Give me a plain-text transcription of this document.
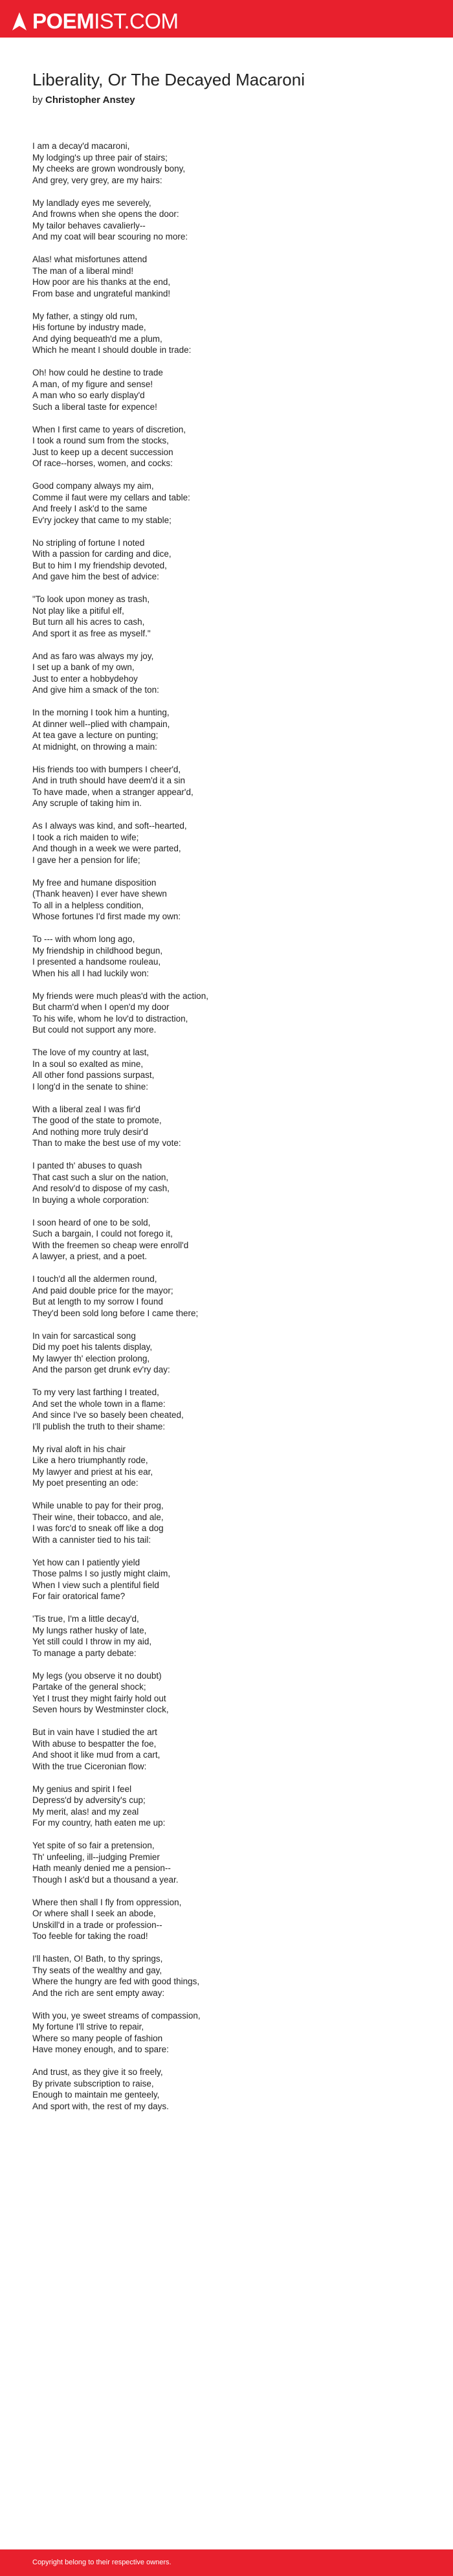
POEM IST.COM
Liberality, Or The Decayed Macaroni
by Christopher Anstey
I am a decay'd macaroni,
My lodging's up three pair of stairs;
My cheeks are grown wondrously bony,
And grey, very grey, are my hairs:
My landlady eyes me severely,
And frowns when she opens the door:
My tailor behaves cavalierly--
And my coat will bear scouring no more:
Alas! what misfortunes attend
The man of a liberal mind!
How poor are his thanks at the end,
From base and ungrateful mankind!
My father, a stingy old rum,
His fortune by industry made,
And dying bequeath'd me a plum,
Which he meant I should double in trade:
Oh! how could he destine to trade
A man, of my figure and sense!
A man who so early display'd
Such a liberal taste for expence!
When I first came to years of discretion,
I took a round sum from the stocks,
Just to keep up a decent succession
Of race--horses, women, and cocks:
Good company always my aim,
Comme il faut were my cellars and table:
And freely I ask'd to the same
Ev'ry jockey that came to my stable;
No stripling of fortune I noted
With a passion for carding and dice,
But to him I my friendship devoted,
And gave him the best of advice:
"To look upon money as trash,
Not play like a pitiful elf,
But turn all his acres to cash,
And sport it as free as myself."
And as faro was always my joy,
I set up a bank of my own,
Just to enter a hobbydehoy
And give him a smack of the ton:
In the morning I took him a hunting,
At dinner well--plied with champain,
At tea gave a lecture on punting;
At midnight, on throwing a main:
His friends too with bumpers I cheer'd,
And in truth should have deem'd it a sin
To have made, when a stranger appear'd,
Any scruple of taking him in.
As I always was kind, and soft--hearted,
I took a rich maiden to wife;
And though in a week we were parted,
I gave her a pension for life;
My free and humane disposition
(Thank heaven) I ever have shewn
To all in a helpless condition,
Whose fortunes I'd first made my own:
To --- with whom long ago,
My friendship in childhood begun,
I presented a handsome rouleau,
When his all I had luckily won:
My friends were much pleas'd with the action,
But charm'd when I open'd my door
To his wife, whom he lov'd to distraction,
But could not support any more.
The love of my country at last,
In a soul so exalted as mine,
All other fond passions surpast,
I long'd in the senate to shine:
With a liberal zeal I was fir'd
The good of the state to promote,
And nothing more truly desir'd
Than to make the best use of my vote:
I panted th' abuses to quash
That cast such a slur on the nation,
And resolv'd to dispose of my cash,
In buying a whole corporation:
I soon heard of one to be sold,
Such a bargain, I could not forego it,
With the freemen so cheap were enroll'd
A lawyer, a priest, and a poet.
I touch'd all the aldermen round,
And paid double price for the mayor;
But at length to my sorrow I found
They'd been sold long before I came there;
In vain for sarcastical song
Did my poet his talents display,
My lawyer th' election prolong,
And the parson get drunk ev'ry day:
To my very last farthing I treated,
And set the whole town in a flame:
And since I've so basely been cheated,
I'll publish the truth to their shame:
My rival aloft in his chair
Like a hero triumphantly rode,
My lawyer and priest at his ear,
My poet presenting an ode:
While unable to pay for their prog,
Their wine, their tobacco, and ale,
I was forc'd to sneak off like a dog
With a cannister tied to his tail:
Yet how can I patiently yield
Those palms I so justly might claim,
When I view such a plentiful field
For fair oratorical fame?
'Tis true, I'm a little decay'd,
My lungs rather husky of late,
Yet still could I throw in my aid,
To manage a party debate:
My legs (you observe it no doubt)
Partake of the general shock;
Yet I trust they might fairly hold out
Seven hours by Westminster clock,
But in vain have I studied the art
With abuse to bespatter the foe,
And shoot it like mud from a cart,
With the true Ciceronian flow:
My genius and spirit I feel
Depress'd by adversity's cup;
My merit, alas! and my zeal
For my country, hath eaten me up:
Yet spite of so fair a pretension,
Th' unfeeling, ill--judging Premier
Hath meanly denied me a pension--
Though I ask'd but a thousand a year.
Where then shall I fly from oppression,
Or where shall I seek an abode,
Unskill'd in a trade or profession--
Too feeble for taking the road!
I'll hasten, O! Bath, to thy springs,
Thy seats of the wealthy and gay,
Where the hungry are fed with good things,
And the rich are sent empty away:
With you, ye sweet streams of compassion,
My fortune I'll strive to repair,
Where so many people of fashion
Have money enough, and to spare:
And trust, as they give it so freely,
By private subscription to raise,
Enough to maintain me genteely,
And sport with, the rest of my days.
Copyright belong to their respective owners.
